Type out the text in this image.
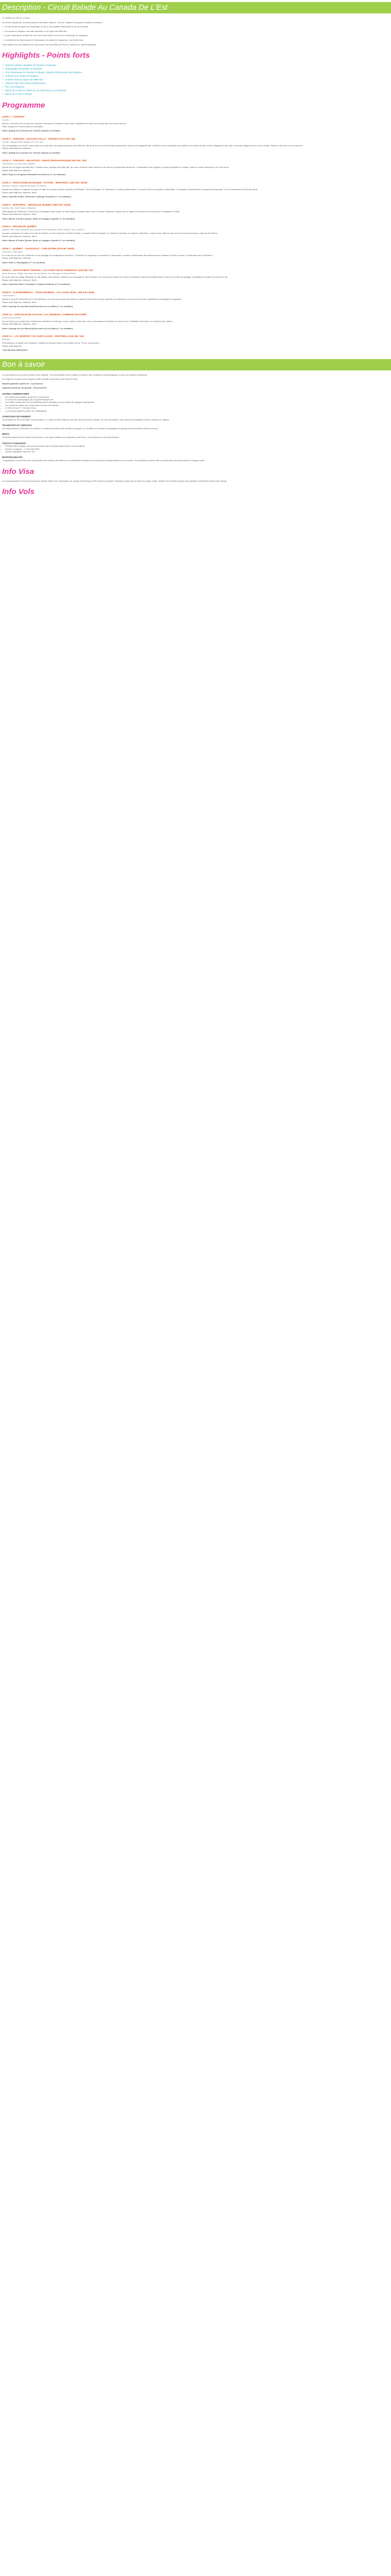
Description - Circuit Balade Au Canada De L'Est

Le meilleur de l'Est en 14 jours

Un circuit complet qui vous fait découvrir Montréal, Québec, Toronto, Ottawa et les grands espaces canadiens.

✓ La ville la plus européenne d'Amérique du Nord, ses quartiers historiques et sa vie culturelle

✓ Les chutes du Niagara, merveille naturelle, et la région des Mille-Îles

✓ Le parc national de la Mauricie, ses lacs et ses forêts, et une nuit en auberge de campagne

✓ Les baleines du Saint-Laurent à Tadoussac et la région du Saguenay - Lac-Saint-Jean

Cette balade est une invitation à la découverte des merveilles de l'Est du Canada à un rythme agréable.

Highlights - Points forts
• Nouveau! Musée canadien de l'Histoire à Gatineau
• Visite guidée de Québec et Montréal
• Tour d'orientation de Toronto et Ottawa: Croisière d'observation des baleines
• Croisière aux Chutes du Niagara
• Croisière dans la région des Mille-Îles
• Visite du Parc de la Chute-Montmorency
• Parc de la Mauricie
• Séjour de 2 nuits en chalet au Lac-Saint-Jean ou en auberge
• Séjour de 2 nuits à Ottawa
Programme
JOUR 1 - TORONTO
Toronto
Arrivée à Toronto en fin de journée. Accueil à l'aéroport et transfert à votre hôtel. Installation et reste de la soirée libre pour vous reposer.
Hôtel: Quality Inn Toronto Airport ou similaire
Hotel: Quality Inn (Comfort Inn Toronto Airport) ou similaire
JOUR 2 - TORONTO - NIAGARA FALLS - TORONTO (277 KM / 4H)
Toronto, Niagara-Falls, Niagara On The Lake
Tour d'orientation de Toronto: découverte du centre-ville, du quartier financier, de l'Hôtel de Ville et de la tour du CN (montée optionnelle). Départ vers Niagara Falls. Croisière à bord du bateau pour admirer les chutes de près. Arrêt à Niagara-on-the-Lake, charmant village au bord du lac Ontario. Retour à Toronto en fin de journée.
Repas: petit-déjeuner, déjeuner
Hotel: Quality Inn (Comfort Inn Toronto Airport) ou similaire
JOUR 3 - TORONTO - MILLE-ÎLES - KINGSTON/GANANOQUE (310 KM / 4H)
Gananoque, Les 1000 Iles Kingston
Départ vers la région des Mille-Îles. Croisière dans l'archipel des Mille-Îles, au coeur du fleuve Saint-Laurent, entre îles et somptueuses demeures. Continuation vers Kingston, première capitale du Canada, visite du centre historique et de Fort Henry.
Repas: petit-déjeuner, déjeuner
Hotel: Days Inn Kingston/ Ramada Provincial Inn (** ou similaire)
JOUR 4 - KINGSTON/GANANOQUE - OTTAWA - MONTRÉAL (340 KM / 4H15)
Montréal, Ottawa, Canadian Museum Of History
Départ vers Ottawa, la capitale du pays, et visite du nouveau Musée canadien de l'Histoire. Tour d'orientation: le Parlement, la colline parlementaire, le marché By et les quartiers résidentiels. Continuation vers Montréal, métropole francophone. Tour d'orientation du Vieux-Montréal.
Repas: petit-déjeuner, déjeuner, dîner
Hotel: Lakeside Suites / Roberval / Auberge Versailles (*** ou similaire)
JOUR 5 - MONTRÉAL - RÉGION DE QUÉBEC (265 KM / 3H45)
Québec City, Hotel Royal, à Bourbon
Visite guidée de Montréal: le Vieux-Port, la basilique Notre-Dame, le mont Royal, le quartier latin et la rue Sainte-Catherine. Départ vers la région de Québec en fin de journée. Installation à l'hôtel.
Repas: petit-déjeuner, déjeuner, dîner
Hotel: Manoir & Suites Quebec Suite ou Voyageur Quartier (** ou similaire)
JOUR 6 - RÉGION DE QUÉBEC
Québec City, Chute Montmorency, Quartier Petit Champlain, Place Royale, Vieux Québec
Journée consacrée à la visite de la ville de Québec: le Vieux-Québec, la Place Royale, le quartier Petit-Champlain, le Château Frontenac, les plaines d'Abraham. L'après-midi, visite du parc de la Chute-Montmorency, haute de 83 mètres.
Repas: petit-déjeuner, déjeuner, dîner
Hotel: Manoir & Suites Quebec Suite ou Voyageur Quartier (** ou similaire)
JOUR 7 - QUÉBEC - TADOUSSAC - CHICOUTIMI (379 KM / 5H30)
Chicoutimi, Tadoussac
En route vers la côte de Charlevoix et son paysage de montagnes et de fleuve. Traversée du Saguenay en traversier. A Tadoussac, croisière d'observation des baleines dans l'estuaire du Saint-Laurent. Continuation vers Chicoutimi.
Repas: petit-déjeuner, déjeuner
Hotel: Hotel Le Montagnais (*** ou similaire)
JOUR 8 - CHICOUTIMI ET RÉGION - LAC-SAINT-JEAN / ROBERVAL (150 KM / 3H)
Alma, Roberval, Village Historique de Val-Jalbert, Zoo Sauvage de Saint-Félicien
En route, arrêt au village historique de Val-Jalbert, ville fantôme. Visite du Zoo sauvage de Saint-Félicien, où vous pourrez observer la faune canadienne dans son habitat naturel à bord d'un petit train grillagé. Installation au chalet en bordure du lac.
Repas: petit-déjeuner, déjeuner, dîner
Hotel: Universal Hotel / Tremblant / Chateau Roberval (** ou similaire)
JOUR 9 - ALMA/ROBERVAL - TROIS-RIVIÈRES - LAC SAINT-JEAN - 385 KM / 5H45
Trois-Rivières
Départ le long de la Mauricie vers Trois-Rivières, l'une des plus anciennes villes du Canada. Découverte du parc national de la Mauricie, ses lacs et ses forêts. Installation à l'auberge de campagne.
Repas: petit-déjeuner, déjeuner, dîner
Hotel: Auberge du Lac Morency/Pourvoirie du Lac Blanc (** ou similaire)
JOUR 10 - SAINT-ÉLIE-DE-CAXTON / LAC MORENCY, AUBERGE EN FORÊT
St Alexis-Des-Monts
Journée libre pour profiter des nombreuses activités de l'auberge: canoë, kayak, randonnée, vélo ou simplement la détente au bord du lac. Possibilité d'excursion en hydravion (en option).
Repas: petit-déjeuner, déjeuner, dîner
Hotel: Auberge du Lac Morency/Pourvoirie du Lac Blanc (** ou similaire)
JOUR 11 - LAC MORENCY OU SAINT-ALEXIS - MONTRÉAL (140 KM / 2H)
Montréal
Petit déjeuner et départ vers Montréal. Transfert à l'aéroport selon vos horaires de vol. Fin de nos services.
Repas: petit-déjeuner
**FIN DE NOS SERVICES**
Bon à savoir

Le déroulement du circuit est donné à titre indicatif. Il est susceptible d'être modifié en fonction des conditions météorologiques ou pour des raisons techniques.

Les trajets en autocar sont indiqués à titre indicatif, ils peuvent varier selon le trafic.

Départs garantis à partir de : 2 personnes

Capacité maximum du groupe : 49 personnes

AUTRES COMMENTAIRES
• Les visites sont guidées à partir de 2 personnes.
• Le circuit est accompagné par un guide francophone.
• Les hôtels mentionnés sont susceptibles d'être changés pour des hôtels de catégorie équivalente.
• Les chambres triples sont composées de deux lits doubles.
• Le dîner du jour 7 n'est pas inclus.
• Le circuit est garanti à partir de 2 participants.
CONDITIONS DE PAIEMENT

Un acompte de 30% est exigé à la réservation. Le solde doit être réglé au plus tard 45 jours avant le départ. En cas d'annulation, des frais seront appliqués selon le barème en vigueur.

TRANSPORTS ET SERVICES

Les déplacements s'effectuent en autocar ou minibus climatisé selon la taille du groupe. Le chauffeur et le guide accompagnent le groupe pendant toute la durée du circuit.

REPAS

Les petits-déjeuners sont inclus tous les jours. Les repas indiqués au programme sont inclus. Les boissons ne sont pas incluses.

CONTACT D'URGENCE
• Pendant votre voyage, vous pouvez joindre notre correspondant local en cas d'urgence.
• Numéro d'urgence : +1 514 000 0000
• Service disponible 24h/24 et 7j/7
RESPONSABILITÉS

L'organisateur ne peut être tenu responsable des retards, annulations ou modifications résultant de circonstances indépendantes de sa volonté. Les participants doivent être en possession des documents de voyage requis.

Info Visa

Les ressortissants de l'Union européenne doivent obtenir une autorisation de voyage électronique (AVE) avant leur départ. Passeport valide pour la durée du séjour exigé. Vérifiez les formalités auprès des autorités compétentes avant votre départ.

Info Vols
